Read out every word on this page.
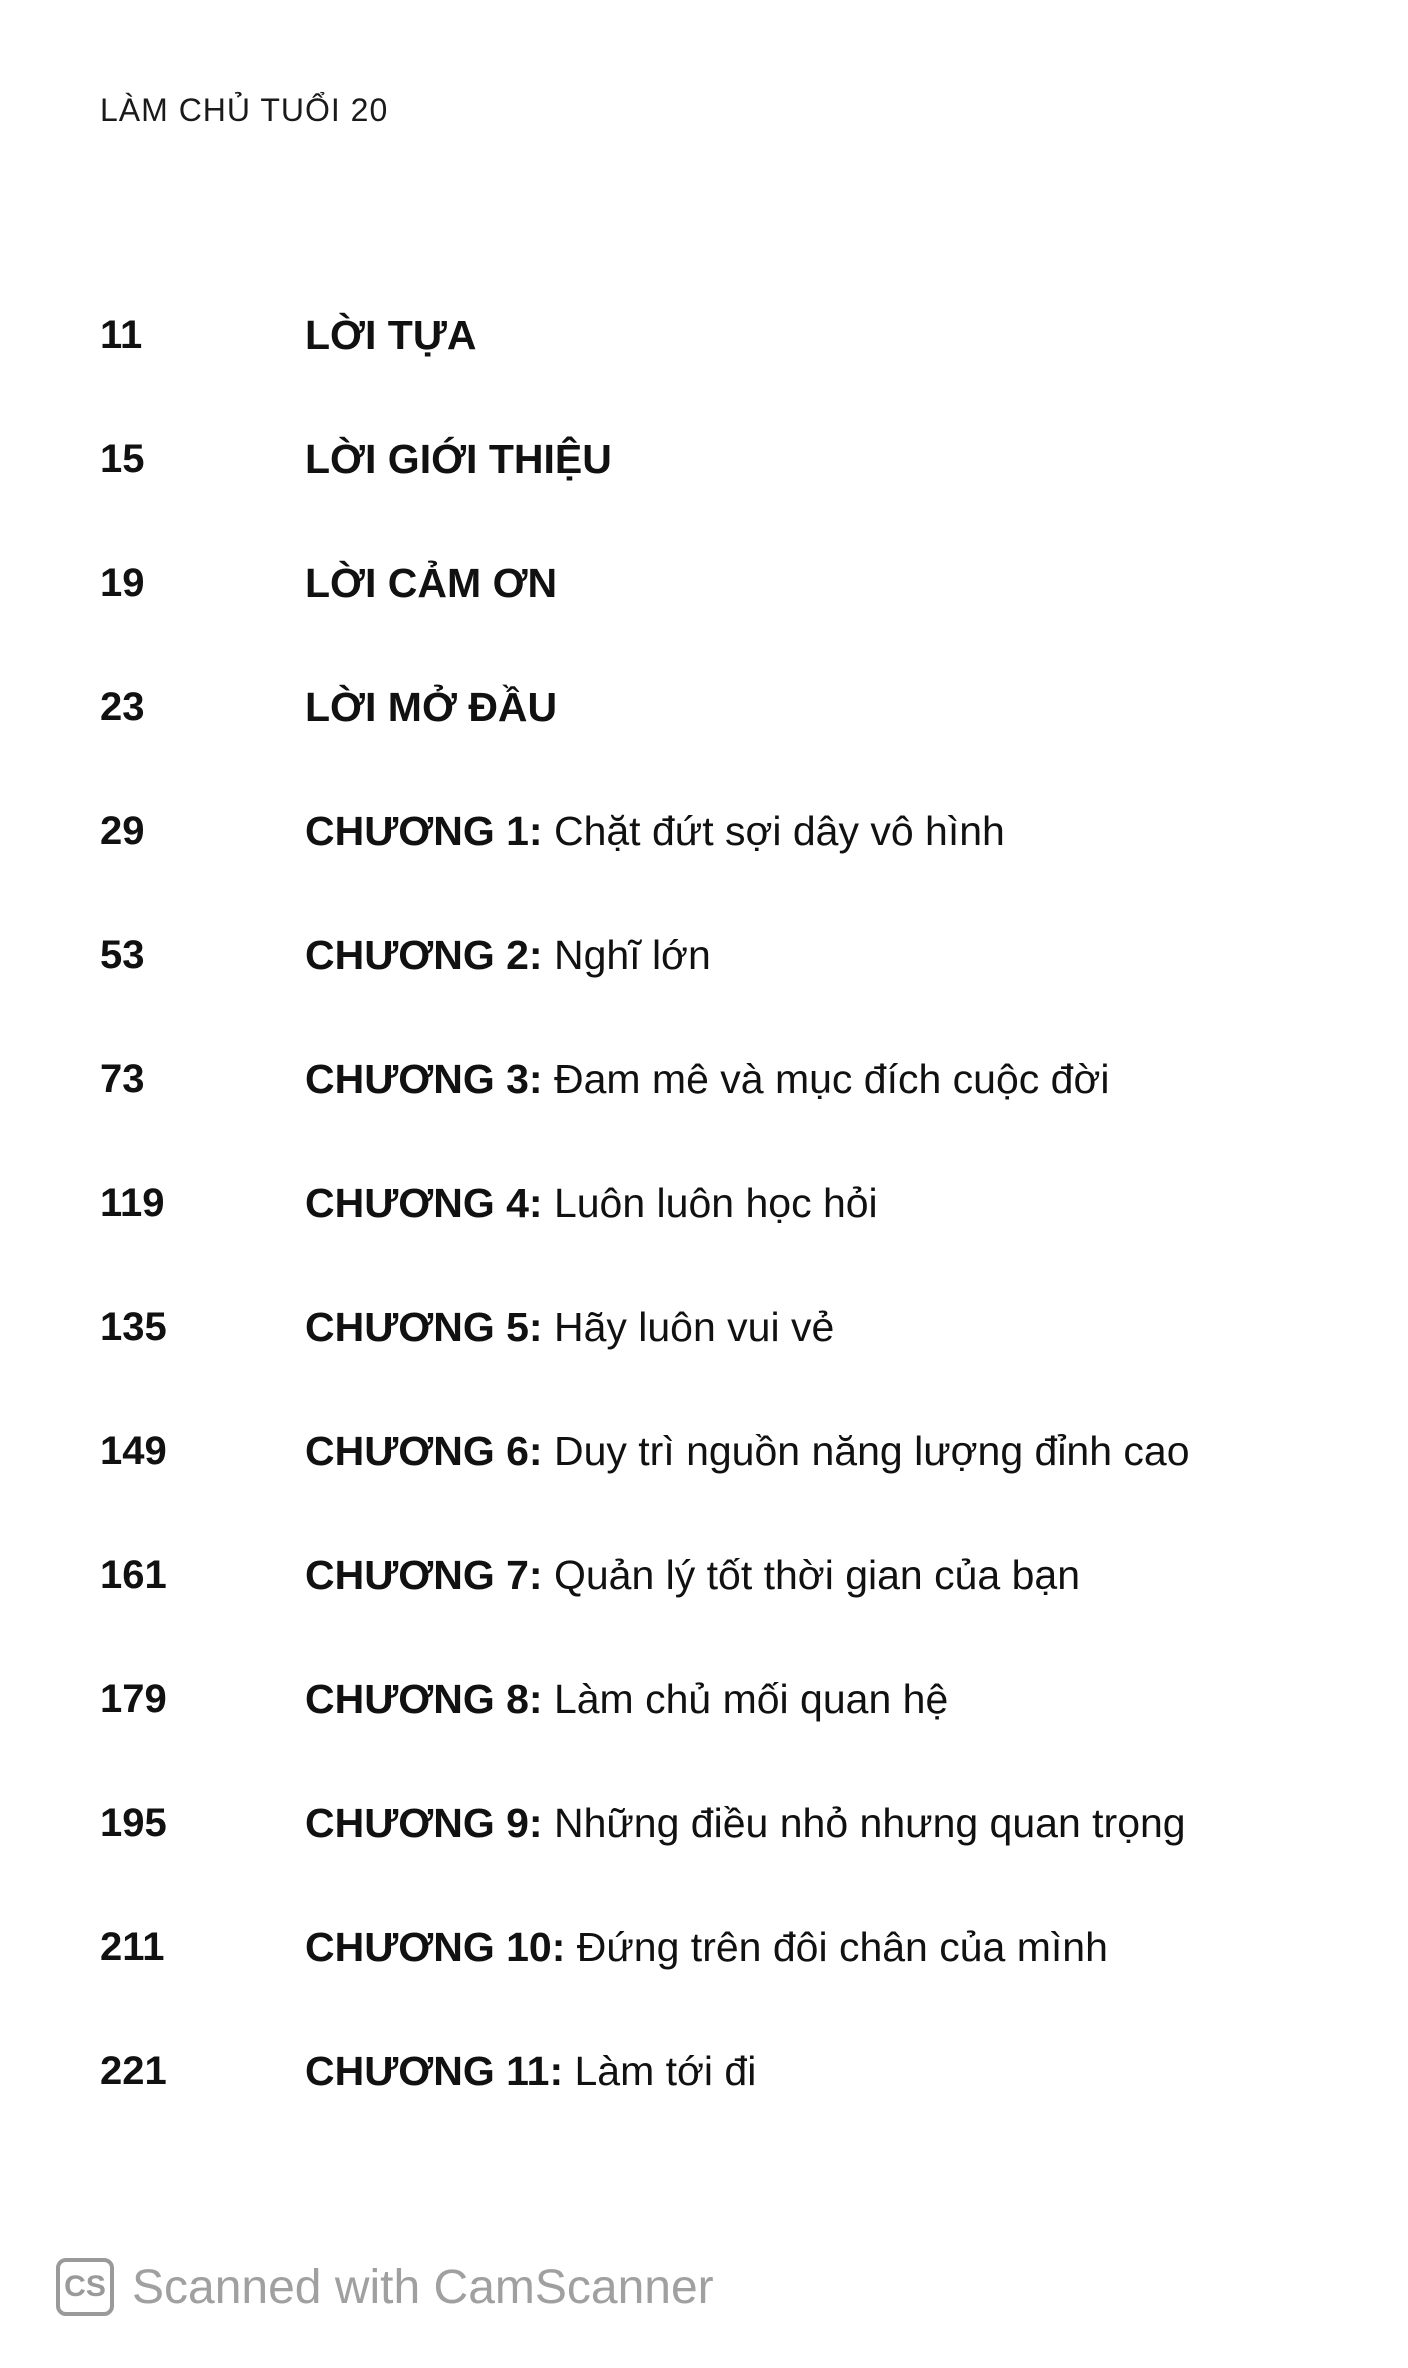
LÀM CHỦ TUỔI 20
11	LỜI TỰA
15	LỜI GIỚI THIỆU
19	LỜI CẢM ƠN
23	LỜI MỞ ĐẦU
29	CHƯƠNG 1: Chặt đứt sợi dây vô hình
53	CHƯƠNG 2: Nghĩ lớn
73	CHƯƠNG 3: Đam mê và mục đích cuộc đời
119	CHƯƠNG 4: Luôn luôn học hỏi
135	CHƯƠNG 5: Hãy luôn vui vẻ
149	CHƯƠNG 6: Duy trì nguồn năng lượng đỉnh cao
161	CHƯƠNG 7: Quản lý tốt thời gian của bạn
179	CHƯƠNG 8: Làm chủ mối quan hệ
195	CHƯƠNG 9: Những điều nhỏ nhưng quan trọng
211	CHƯƠNG 10: Đứng trên đôi chân của mình
221	CHƯƠNG 11: Làm tới đi
CS Scanned with CamScanner
